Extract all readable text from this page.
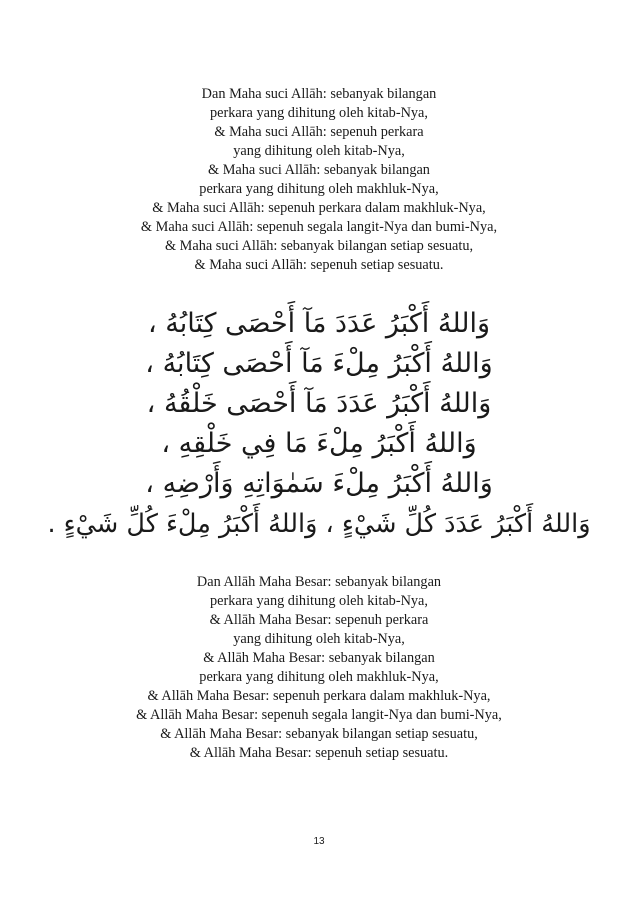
Dan Maha suci Allāh: sebanyak bilangan
perkara yang dihitung oleh kitab-Nya,
& Maha suci Allāh: sepenuh perkara
yang dihitung oleh kitab-Nya,
& Maha suci Allāh: sebanyak bilangan
perkara yang dihitung oleh makhluk-Nya,
& Maha suci Allāh: sepenuh perkara dalam makhluk-Nya,
& Maha suci Allāh: sepenuh segala langit-Nya dan bumi-Nya,
& Maha suci Allāh: sebanyak bilangan setiap sesuatu,
& Maha suci Allāh: sepenuh setiap sesuatu.
وَاللهُ أَكْبَرُ عَدَدَ مَآ أَحْصَى كِتَابُهُ ،
وَاللهُ أَكْبَرُ مِلْءَ مَآ أَحْصَى كِتَابُهُ ،
وَاللهُ أَكْبَرُ عَدَدَ مَآ أَحْصَى خَلْقُهُ ،
وَاللهُ أَكْبَرُ مِلْءَ مَا فِي خَلْقِهِ ،
وَاللهُ أَكْبَرُ مِلْءَ سَمٰوَاتِهِ وَأَرْضِهِ ،
وَاللهُ أَكْبَرُ عَدَدَ كُلِّ شَيْءٍ ، وَاللهُ أَكْبَرُ مِلْءَ كُلِّ شَيْءٍ .
Dan Allāh Maha Besar: sebanyak bilangan
perkara yang dihitung oleh kitab-Nya,
& Allāh Maha Besar: sepenuh perkara
yang dihitung oleh kitab-Nya,
& Allāh Maha Besar: sebanyak bilangan
perkara yang dihitung oleh makhluk-Nya,
& Allāh Maha Besar: sepenuh perkara dalam makhluk-Nya,
& Allāh Maha Besar: sepenuh segala langit-Nya dan bumi-Nya,
& Allāh Maha Besar: sebanyak bilangan setiap sesuatu,
& Allāh Maha Besar: sepenuh setiap sesuatu.
13
